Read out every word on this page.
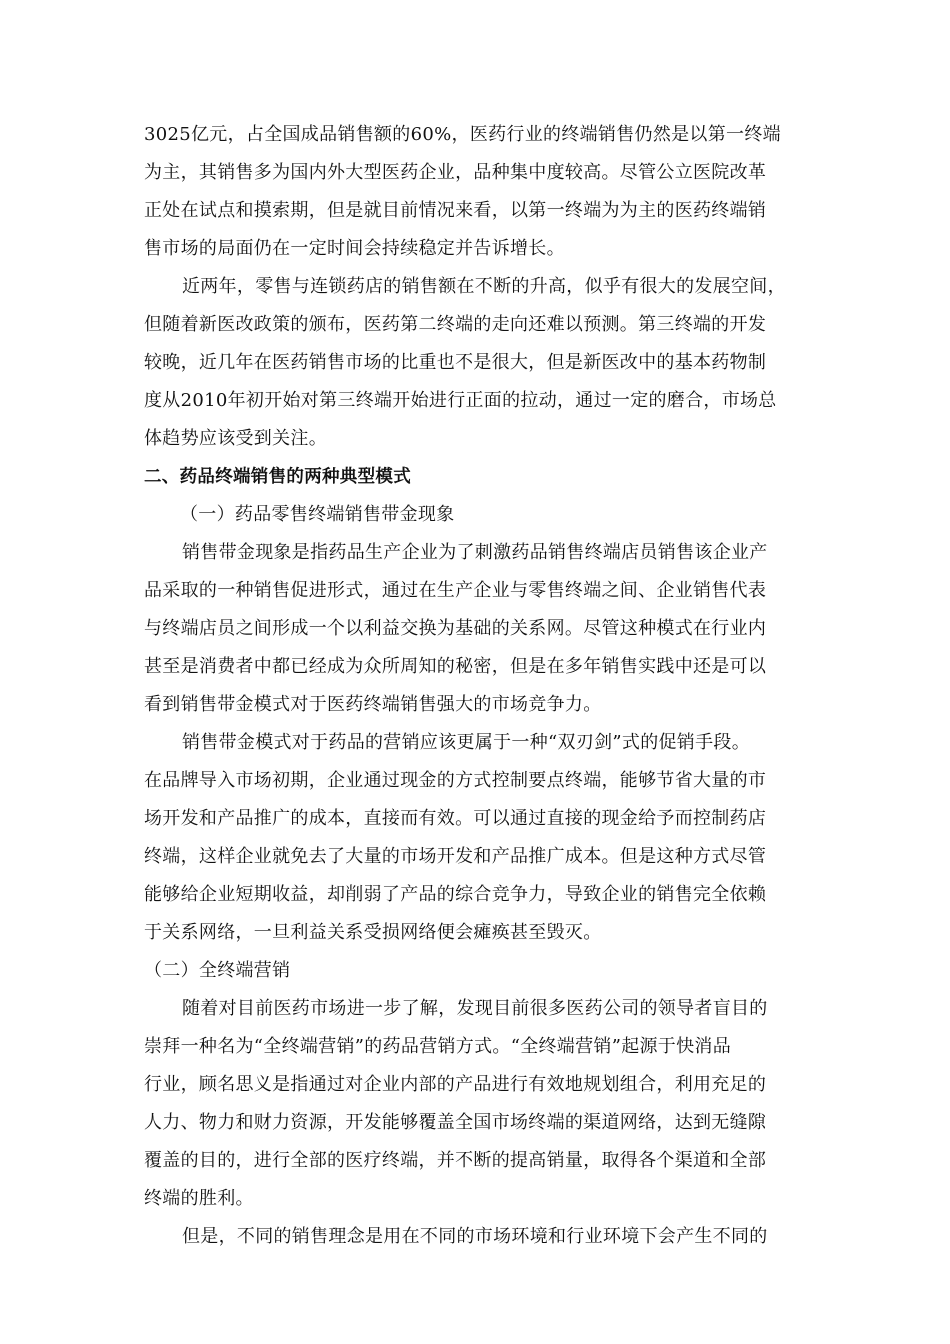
3025亿元，占全国成品销售额的60%，医药行业的终端销售仍然是以第一终端
为主，其销售多为国内外大型医药企业，品种集中度较高。尽管公立医院改革
正处在试点和摸索期，但是就目前情况来看，以第一终端为为主的医药终端销
售市场的局面仍在一定时间会持续稳定并告诉增长。
近两年，零售与连锁药店的销售额在不断的升高，似乎有很大的发展空间，
但随着新医改政策的颁布，医药第二终端的走向还难以预测。第三终端的开发
较晚，近几年在医药销售市场的比重也不是很大，但是新医改中的基本药物制
度从2010年初开始对第三终端开始进行正面的拉动，通过一定的磨合，市场总
体趋势应该受到关注。
二、药品终端销售的两种典型模式
（一）药品零售终端销售带金现象
销售带金现象是指药品生产企业为了刺激药品销售终端店员销售该企业产
品采取的一种销售促进形式，通过在生产企业与零售终端之间、企业销售代表
与终端店员之间形成一个以利益交换为基础的关系网。尽管这种模式在行业内
甚至是消费者中都已经成为众所周知的秘密，但是在多年销售实践中还是可以
看到销售带金模式对于医药终端销售强大的市场竞争力。
销售带金模式对于药品的营销应该更属于一种“双刃剑”式的促销手段。
在品牌导入市场初期，企业通过现金的方式控制要点终端，能够节省大量的市
场开发和产品推广的成本，直接而有效。可以通过直接的现金给予而控制药店
终端，这样企业就免去了大量的市场开发和产品推广成本。但是这种方式尽管
能够给企业短期收益，却削弱了产品的综合竞争力，导致企业的销售完全依赖
于关系网络，一旦利益关系受损网络便会瘫痪甚至毁灭。
（二）全终端营销
随着对目前医药市场进一步了解，发现目前很多医药公司的领导者盲目的
崇拜一种名为“全终端营销”的药品营销方式。“全终端营销”起源于快消品
行业，顾名思义是指通过对企业内部的产品进行有效地规划组合，利用充足的
人力、物力和财力资源，开发能够覆盖全国市场终端的渠道网络，达到无缝隙
覆盖的目的，进行全部的医疗终端，并不断的提高销量，取得各个渠道和全部
终端的胜利。
但是，不同的销售理念是用在不同的市场环境和行业环境下会产生不同的
